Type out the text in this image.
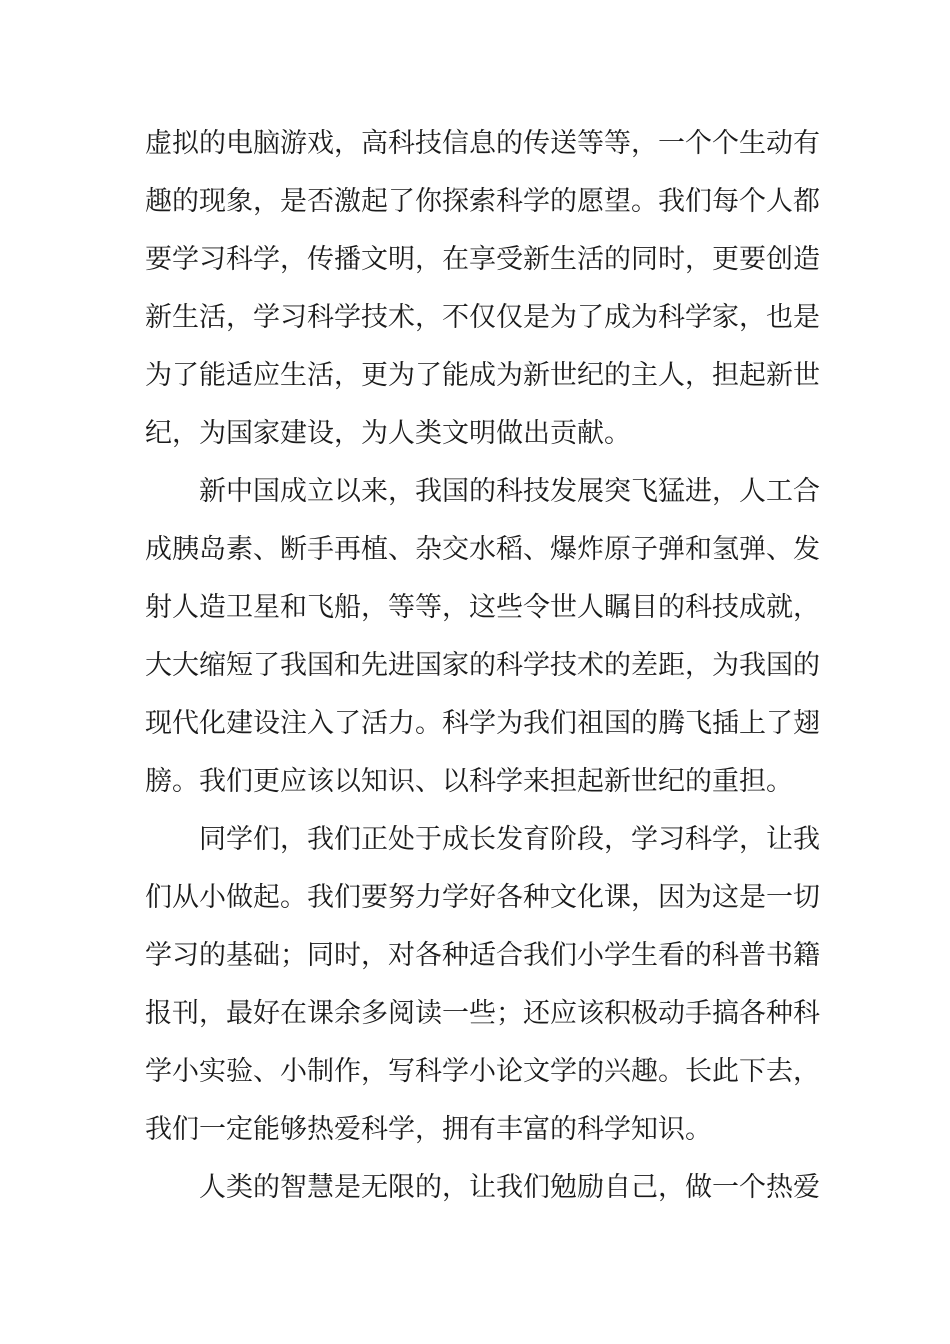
虚拟的电脑游戏，高科技信息的传送等等，一个个生动有
趣的现象，是否激起了你探索科学的愿望。我们每个人都
要学习科学，传播文明，在享受新生活的同时，更要创造
新生活，学习科学技术，不仅仅是为了成为科学家，也是
为了能适应生活，更为了能成为新世纪的主人，担起新世
纪，为国家建设，为人类文明做出贡献。
新中国成立以来，我国的科技发展突飞猛进，人工合
成胰岛素、断手再植、杂交水稻、爆炸原子弹和氢弹、发
射人造卫星和飞船，等等，这些令世人瞩目的科技成就，
大大缩短了我国和先进国家的科学技术的差距，为我国的
现代化建设注入了活力。科学为我们祖国的腾飞插上了翅
膀。我们更应该以知识、以科学来担起新世纪的重担。
同学们，我们正处于成长发育阶段，学习科学，让我
们从小做起。我们要努力学好各种文化课，因为这是一切
学习的基础；同时，对各种适合我们小学生看的科普书籍
报刊，最好在课余多阅读一些；还应该积极动手搞各种科
学小实验、小制作，写科学小论文学的兴趣。长此下去，
我们一定能够热爱科学，拥有丰富的科学知识。
人类的智慧是无限的，让我们勉励自己，做一个热爱
